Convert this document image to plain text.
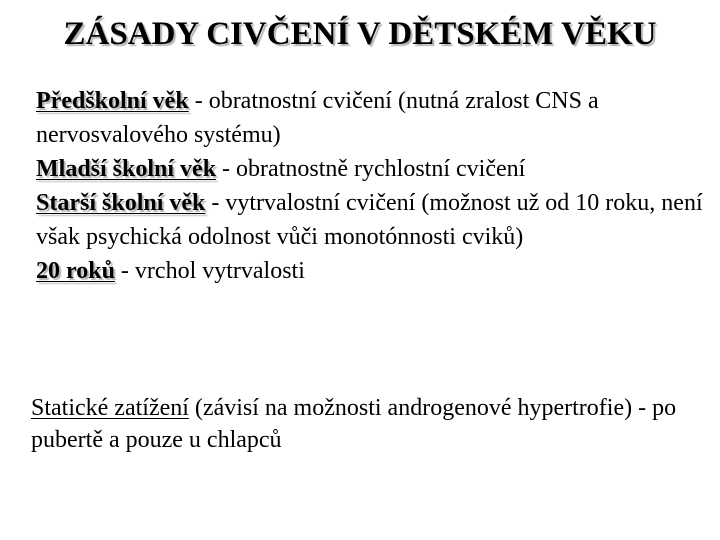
ZÁSADY CIVČENÍ V DĚTSKÉM VĚKU

Předškolní věk - obratnostní cvičení (nutná zralost CNS a nervosvalového systému)

Mladší školní věk - obratnostně rychlostní cvičení

Starší školní věk - vytrvalostní cvičení (možnost už od 10 roku, není však psychická odolnost vůči monotónnosti cviků)

20 roků - vrchol vytrvalosti

Statické zatížení (závisí na možnosti androgenové hypertrofie) - po pubertě a pouze u chlapců
